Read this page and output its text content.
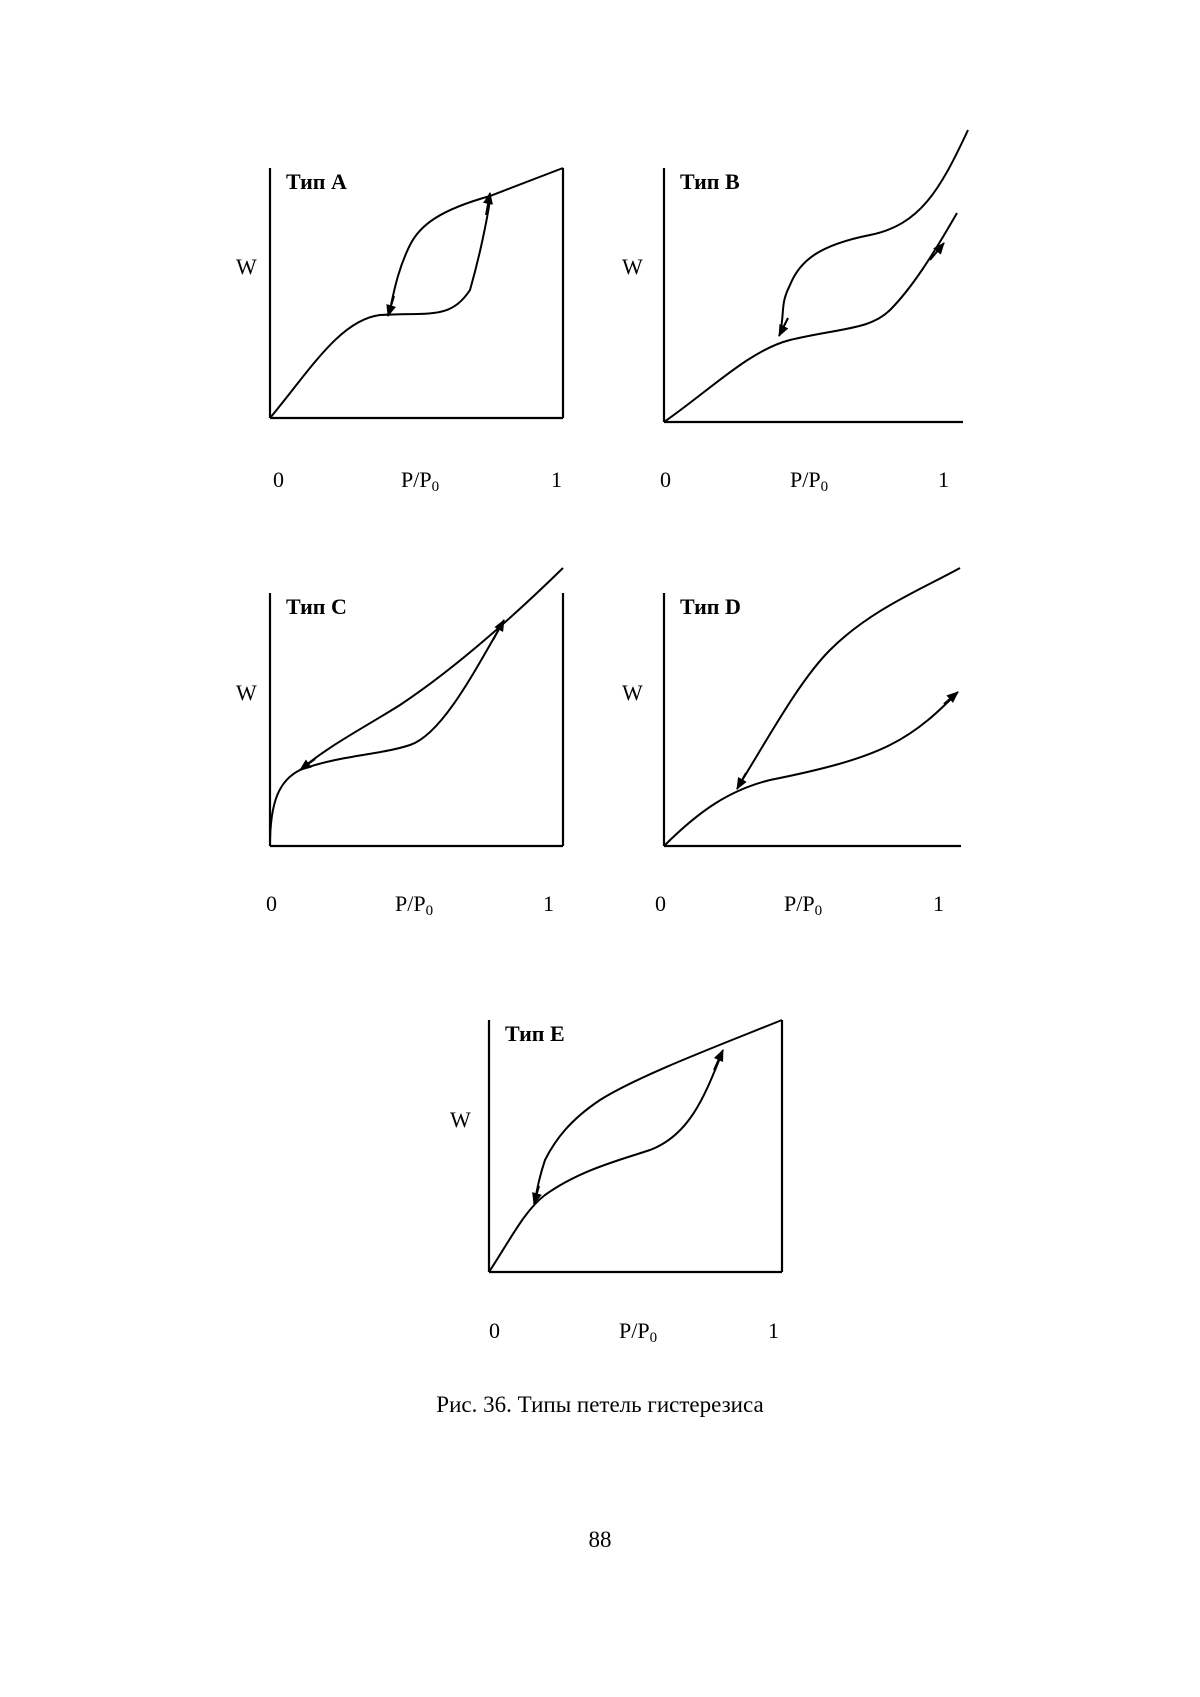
Тип A
W
0	P/P0	1
Тип B
W
0	P/P0	1
Тип C
W
0	P/P0	1
Тип D
W
0	P/P0	1
Тип E
W
0	P/P0	1
Рис. 36. Типы петель гистерезиса
88
